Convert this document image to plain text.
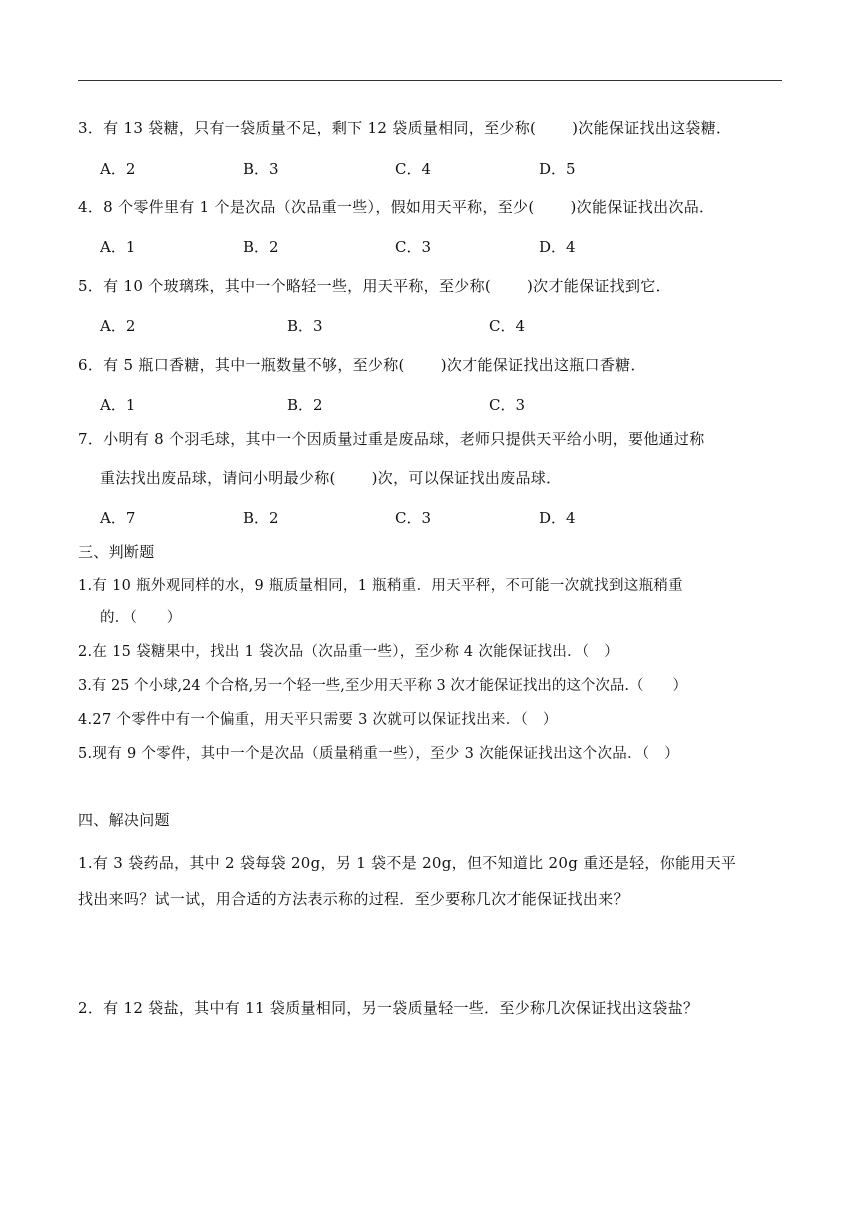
3．有 13 袋糖，只有一袋质量不足，剩下 12 袋质量相同，至少称( )次能保证找出这袋糖．
A．2	B．3	C．4	D．5
4．8 个零件里有 1 个是次品（次品重一些），假如用天平称，至少( )次能保证找出次品．
A．1	B．2	C．3	D．4
5．有 10 个玻璃珠，其中一个略轻一些，用天平称，至少称( )次才能保证找到它．
A．2	B．3	C．4
6．有 5 瓶口香糖，其中一瓶数量不够，至少称( )次才能保证找出这瓶口香糖．
A．1	B．2	C．3
7．小明有 8 个羽毛球，其中一个因质量过重是废品球，老师只提供天平给小明，要他通过称
重法找出废品球，请问小明最少称( )次，可以保证找出废品球．
A．7	B．2	C．3	D．4
三、判断题
1.有 10 瓶外观同样的水，9 瓶质量相同，1 瓶稍重．用天平秤，不可能一次就找到这瓶稍重
的．（　　）
2.在 15 袋糖果中，找出 1 袋次品（次品重一些），至少称 4 次能保证找出．（　）
3.有 25 个小球,24 个合格,另一个轻一些,至少用天平称 3 次才能保证找出的这个次品.（　　）
4.27 个零件中有一个偏重，用天平只需要 3 次就可以保证找出来．（　）
5.现有 9 个零件，其中一个是次品（质量稍重一些），至少 3 次能保证找出这个次品．（　）
四、解决问题
1.有 3 袋药品，其中 2 袋每袋 20g，另 1 袋不是 20g，但不知道比 20g 重还是轻，你能用天平
找出来吗？试一试，用合适的方法表示称的过程．至少要称几次才能保证找出来？
2．有 12 袋盐，其中有 11 袋质量相同，另一袋质量轻一些．至少称几次保证找出这袋盐？
